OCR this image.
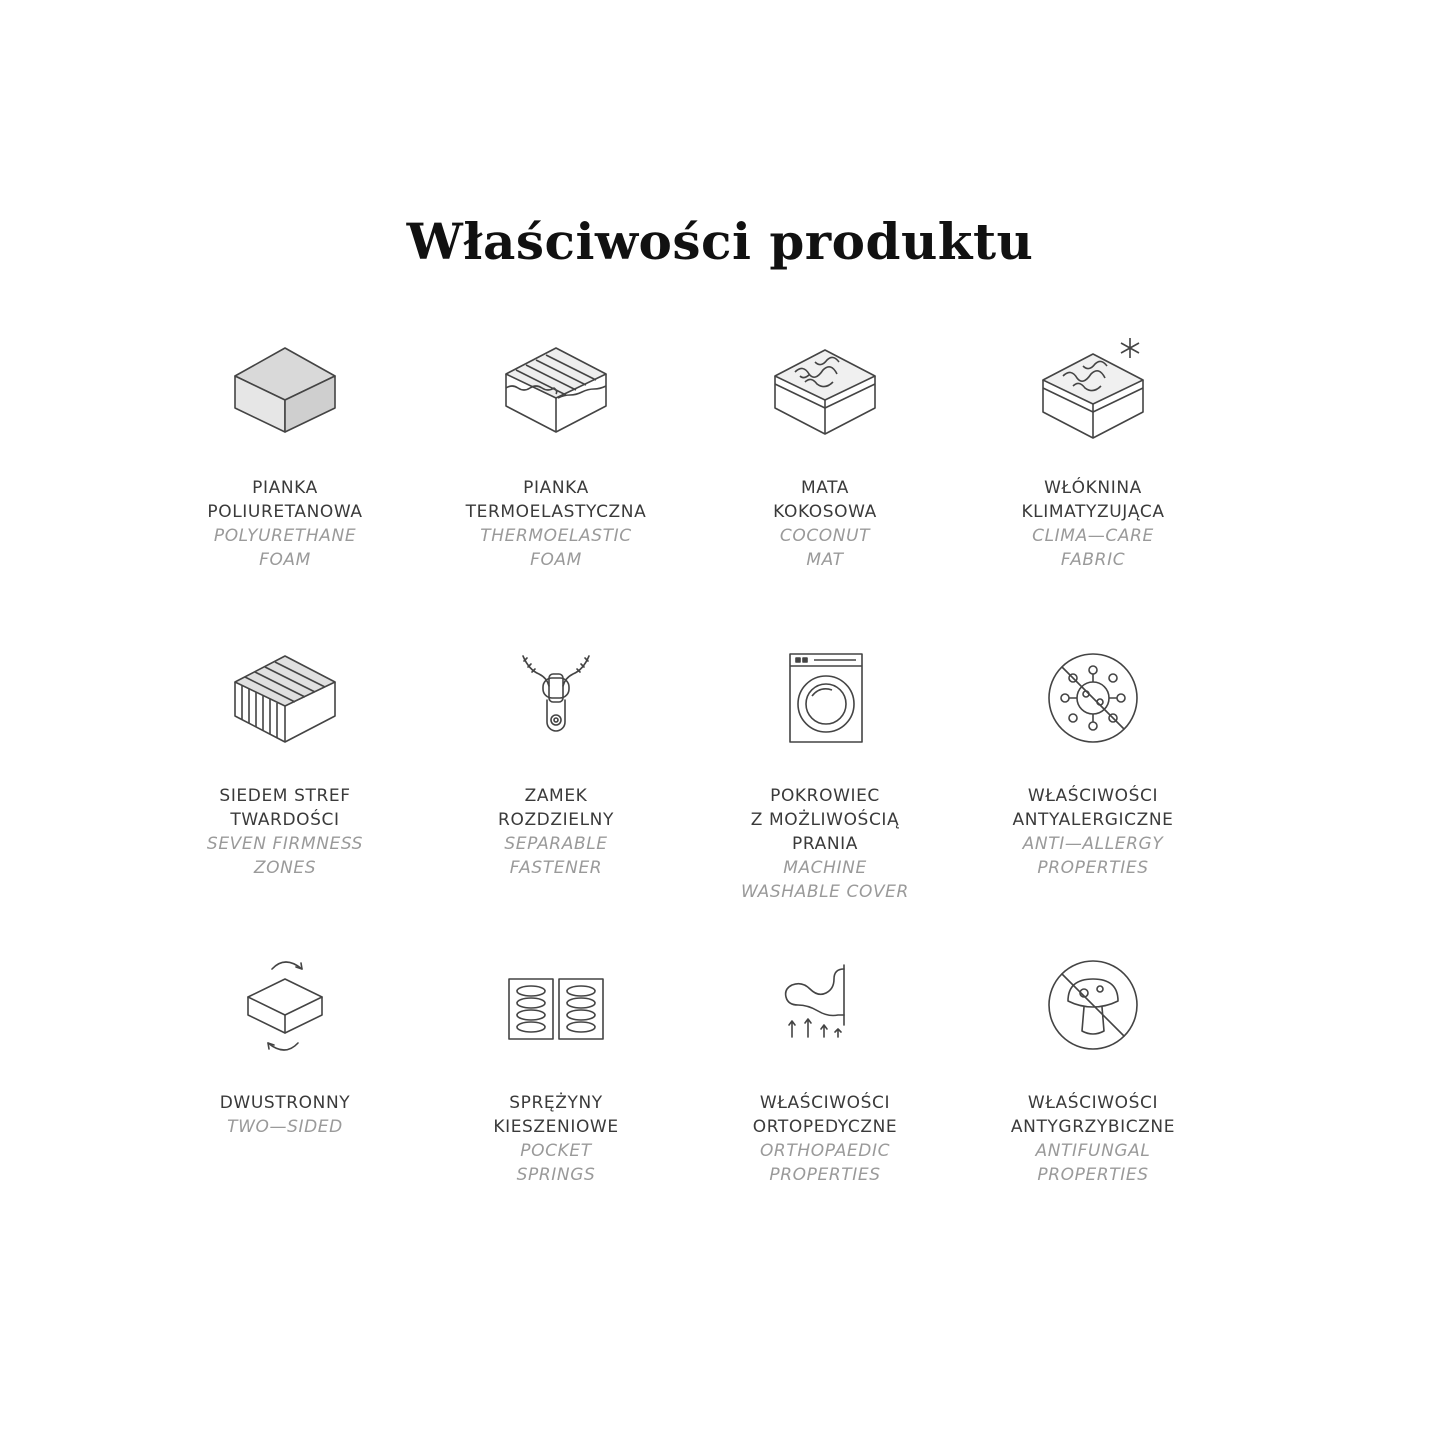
Właściwości produktu
PIANKA
POLIURETANOWA
POLYURETHANE
FOAM
PIANKA
TERMOELASTYCZNA
THERMOELASTIC
FOAM
MATA
KOKOSOWA
COCONUT
MAT
WŁÓKNINA
KLIMATYZUJĄCA
CLIMA—CARE
FABRIC
SIEDEM STREF
TWARDOŚCI
SEVEN FIRMNESS
ZONES
ZAMEK
ROZDZIELNY
SEPARABLE
FASTENER
POKROWIEC
Z MOŻLIWOŚCIĄ
PRANIA
MACHINE
WASHABLE COVER
WŁAŚCIWOŚCI
ANTYALERGICZNE
ANTI—ALLERGY
PROPERTIES
DWUSTRONNY
TWO—SIDED
SPRĘŻYNY
KIESZENIOWE
POCKET
SPRINGS
WŁAŚCIWOŚCI
ORTOPEDYCZNE
ORTHOPAEDIC
PROPERTIES
WŁAŚCIWOŚCI
ANTYGRZYBICZNE
ANTIFUNGAL
PROPERTIES
